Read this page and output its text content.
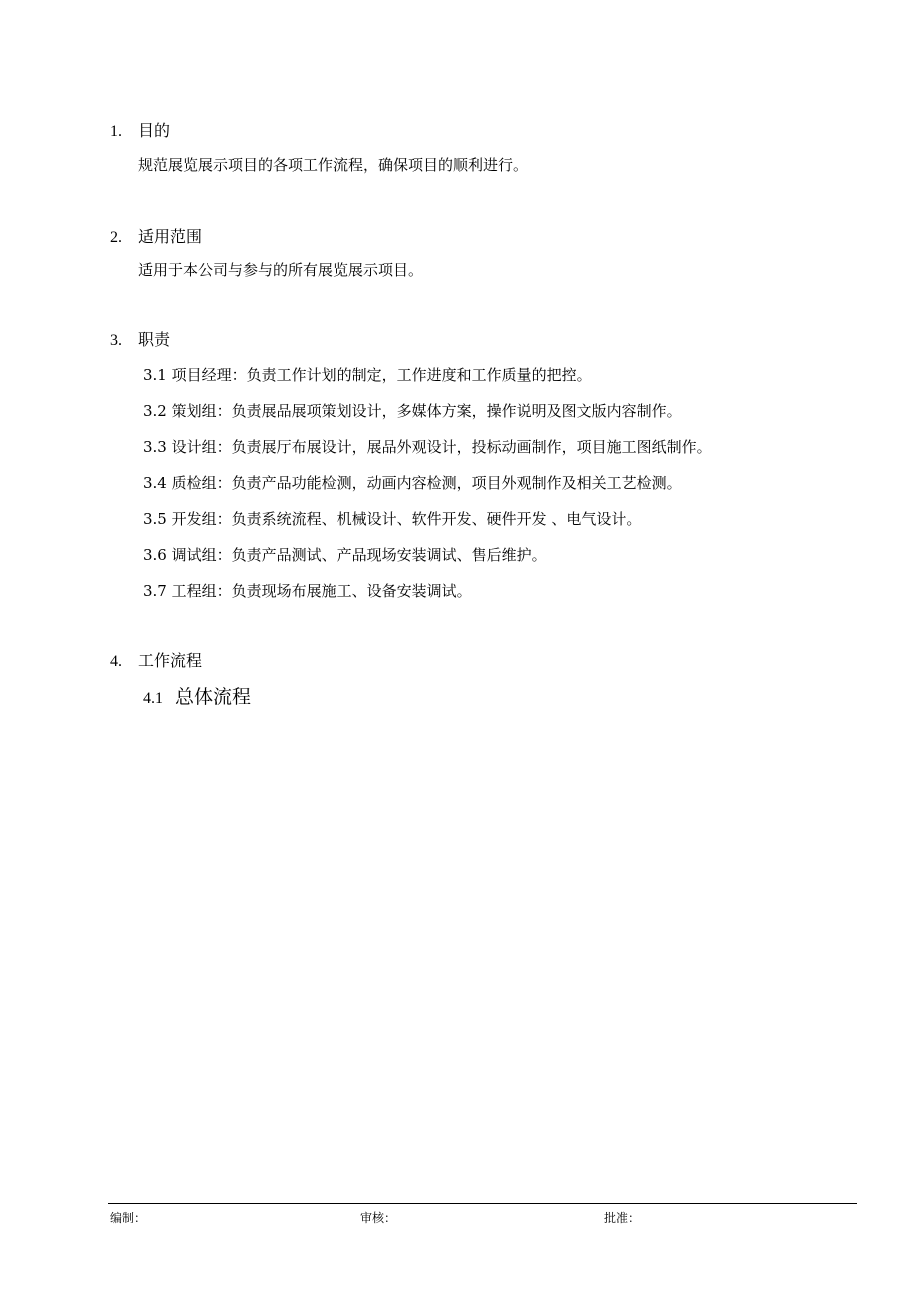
1. 目的
规范展览展示项目的各项工作流程，确保项目的顺利进行。
2. 适用范围
适用于本公司与参与的所有展览展示项目。
3. 职责
3.1 项目经理：负责工作计划的制定，工作进度和工作质量的把控。
3.2 策划组：负责展品展项策划设计，多媒体方案，操作说明及图文版内容制作。
3.3 设计组：负责展厅布展设计，展品外观设计，投标动画制作，项目施工图纸制作。
3.4 质检组：负责产品功能检测，动画内容检测，项目外观制作及相关工艺检测。
3.5 开发组：负责系统流程、机械设计、软件开发、硬件开发 、电气设计。
3.6 调试组：负责产品测试、产品现场安装调试、售后维护。
3.7 工程组：负责现场布展施工、设备安装调试。
4. 工作流程
4.1 总体流程
编制：	审核：	批准：
